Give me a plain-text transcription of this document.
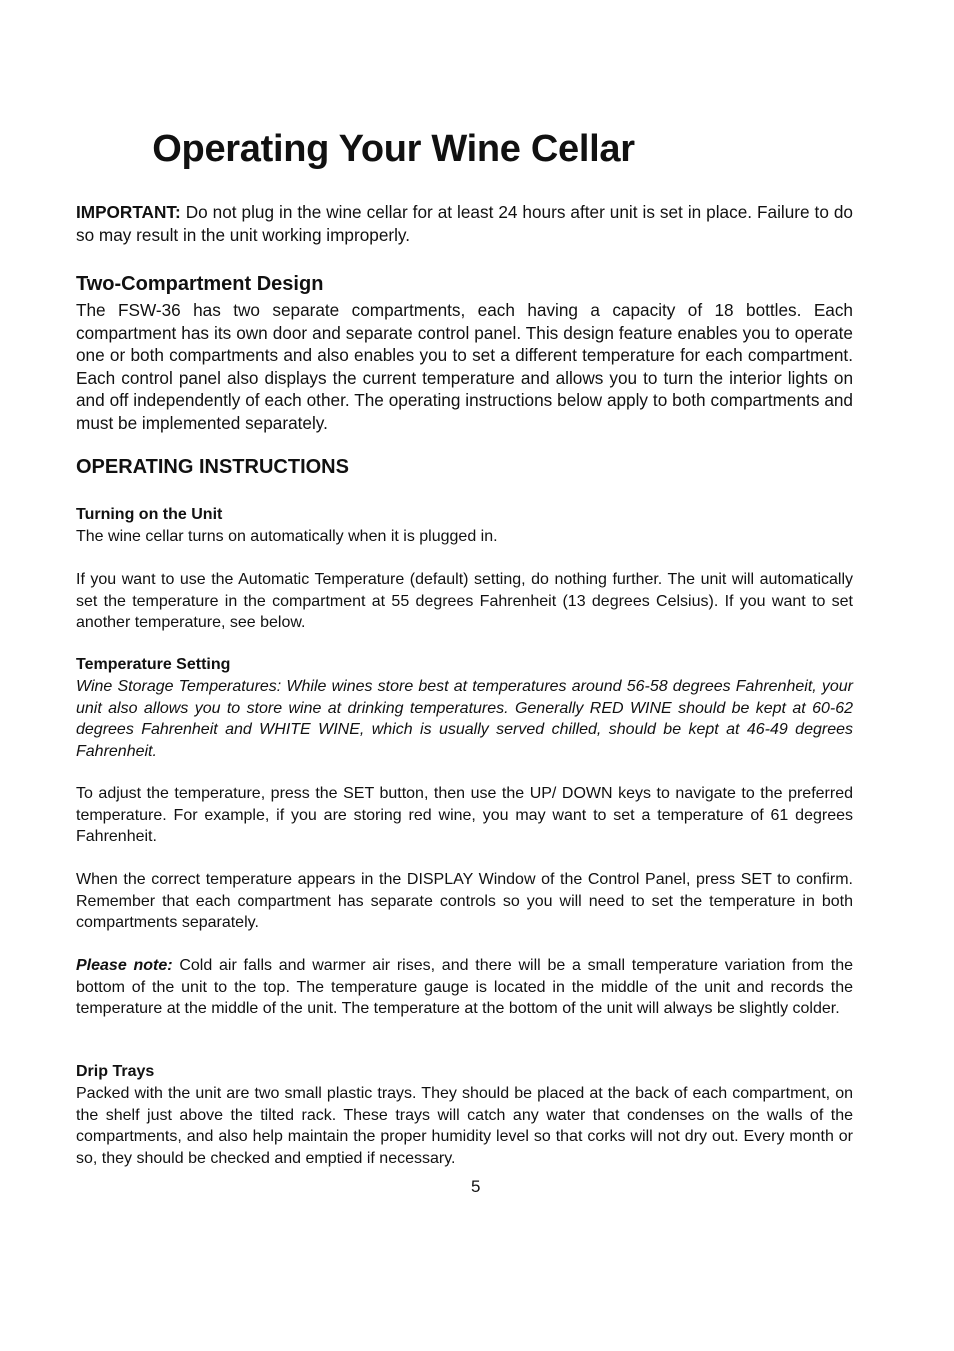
Operating Your Wine Cellar

IMPORTANT: Do not plug in the wine cellar for at least 24 hours after unit is set in place. Failure to do so may result in the unit working improperly.

Two-Compartment Design

The FSW-36 has two separate compartments, each having a capacity of 18 bottles. Each compartment has its own door and separate control panel. This design feature enables you to operate one or both compartments and also enables you to set a different temperature for each compartment. Each control panel also displays the current temperature and allows you to turn the interior lights on and off independently of each other. The operating instructions below apply to both compartments and must be implemented separately.

OPERATING INSTRUCTIONS
Turning on the Unit

The wine cellar turns on automatically when it is plugged in.

If you want to use the Automatic Temperature (default) setting, do nothing further. The unit will automatically set the temperature in the compartment at 55 degrees Fahrenheit (13 degrees Celsius). If you want to set another temperature, see below.

Temperature Setting

Wine Storage Temperatures: While wines store best at temperatures around 56-58 degrees Fahrenheit, your unit also allows you to store wine at drinking temperatures. Generally RED WINE should be kept at 60-62 degrees Fahrenheit and WHITE WINE, which is usually served chilled, should be kept at 46-49 degrees Fahrenheit.

To adjust the temperature, press the SET button, then use the UP/ DOWN keys to navigate to the preferred temperature. For example, if you are storing red wine, you may want to set a temperature of 61 degrees Fahrenheit.

When the correct temperature appears in the DISPLAY Window of the Control Panel, press SET to confirm. Remember that each compartment has separate controls so you will need to set the temperature in both compartments separately.

Please note: Cold air falls and warmer air rises, and there will be a small temperature variation from the bottom of the unit to the top. The temperature gauge is located in the middle of the unit and records the temperature at the middle of the unit. The temperature at the bottom of the unit will always be slightly colder.

Drip Trays

Packed with the unit are two small plastic trays. They should be placed at the back of each compartment, on the shelf just above the tilted rack. These trays will catch any water that condenses on the walls of the compartments, and also help maintain the proper humidity level so that corks will not dry out. Every month or so, they should be checked and emptied if necessary.

5
